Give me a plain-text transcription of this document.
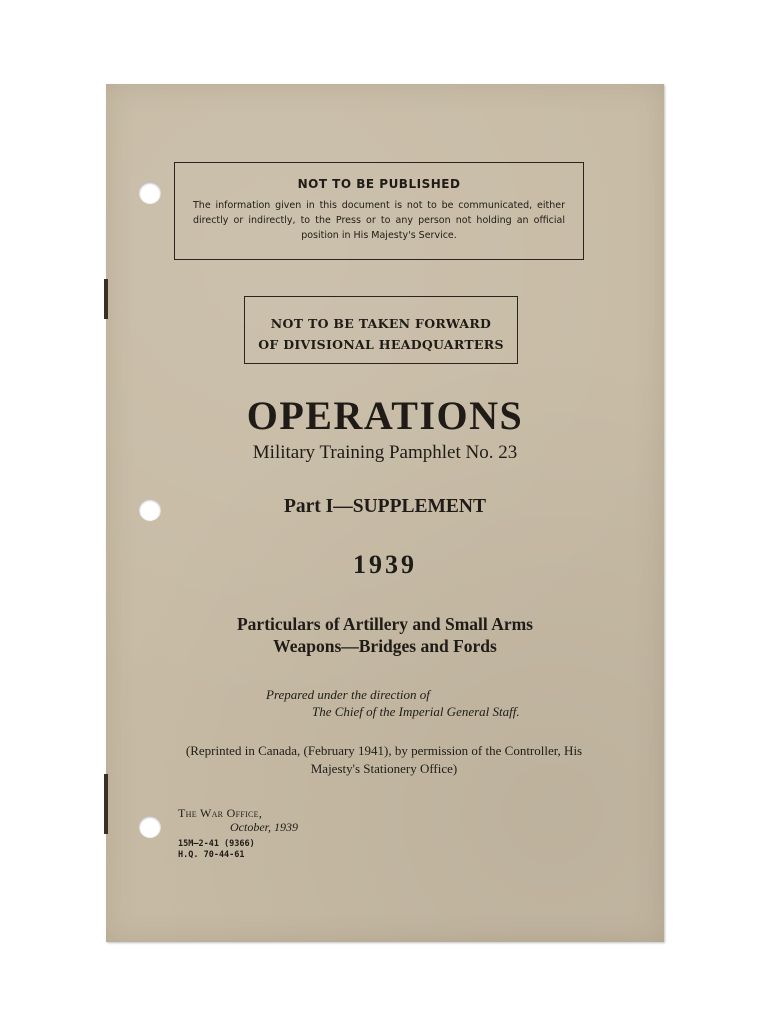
NOT TO BE PUBLISHED
The information given in this document is not to be communicated, either directly or indirectly, to the Press or to any person not holding an official position in His Majesty's Service.
NOT TO BE TAKEN FORWARD
OF DIVISIONAL HEADQUARTERS
OPERATIONS
Military Training Pamphlet No. 23
Part I—SUPPLEMENT
1939
Particulars of Artillery and Small Arms
Weapons—Bridges and Fords
Prepared under the direction of
The Chief of the Imperial General Staff.
(Reprinted in Canada, (February 1941), by permission of the Controller, His Majesty's Stationery Office)
The War Office,
October, 1939
15M—2-41 (9366)
H.Q. 70-44-61
